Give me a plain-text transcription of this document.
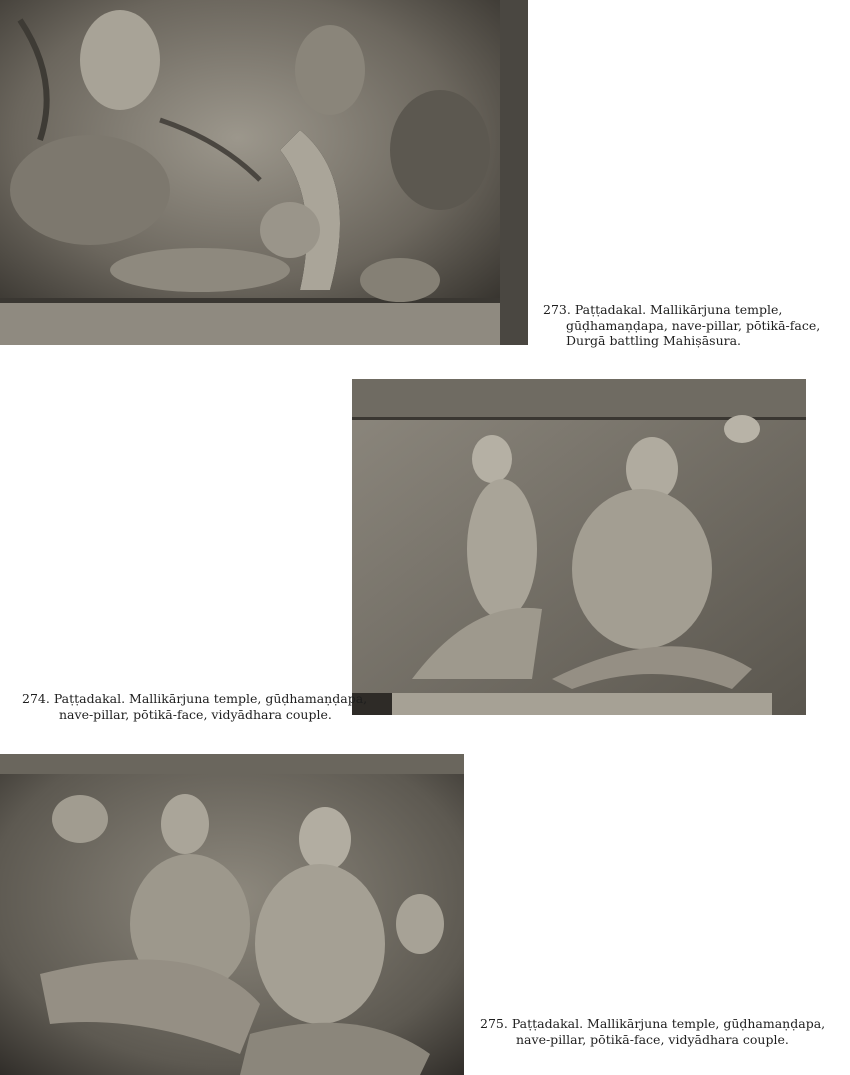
273. Paṭṭadakal. Mallikārjuna temple,
gūḍhamaṇḍapa, nave-pillar, pōtikā-face,
Durgā battling Mahiṣāsura.
274. Paṭṭadakal. Mallikārjuna temple, gūḍhamaṇḍapa,
nave-pillar, pōtikā-face, vidyādhara couple.
275. Paṭṭadakal. Mallikārjuna temple, gūḍhamaṇḍapa,
nave-pillar, pōtikā-face, vidyādhara couple.
